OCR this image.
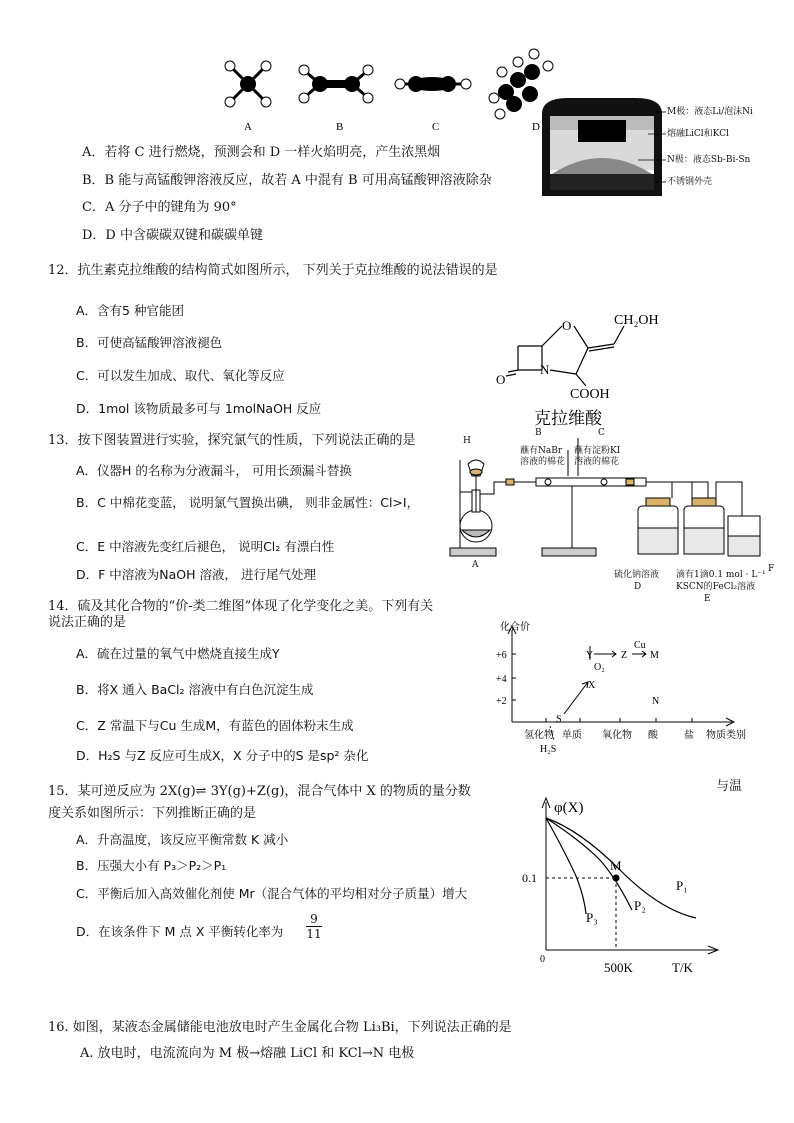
A	B	C	D
M极：液态Li/泡沫Ni
熔融LiCl和KCl
N极：液态Sb-Bi-Sn
不锈钢外壳
A．若将 C 进行燃烧，预测会和 D 一样火焰明亮，产生浓黑烟
B．B 能与高锰酸钾溶液反应，故若 A 中混有 B 可用高锰酸钾溶液除杂
C．A 分子中的键角为 90°
D．D 中含碳碳双键和碳碳单键
12．抗生素克拉维酸的结构简式如图所示， 下列关于克拉维酸的说法错误的是
A．含有5 种官能团
B．可使高锰酸钾溶液褪色
C．可以发生加成、取代、氧化等反应
D．1mol 该物质最多可与 1molNaOH 反应
O
N
O
CH₂OH
COOH
克拉维酸
13．按下图装置进行实验，探究氯气的性质，下列说法正确的是
A．仪器H 的名称为分液漏斗， 可用长颈漏斗替换
B．C 中棉花变蓝， 说明氯气置换出碘， 则非金属性：Cl>I，
C．E 中溶液先变红后褪色， 说明Cl₂ 有漂白性
D．F 中溶液为NaOH 溶液， 进行尾气处理
H
A
B
蘸有NaBr
溶液的棉花
C
蘸有淀粉KI
溶液的棉花
硫化钠溶液
D
滴有1滴0.1 mol · L⁻¹
KSCN的FeCl₂溶液
E
F
14．硫及其化合物的“价-类二维图”体现了化学变化之美。下列有关
说法正确的是
A．硫在过量的氧气中燃烧直接生成Y
B．将X 通入 BaCl₂ 溶液中有白色沉淀生成
C．Z 常温下与Cu 生成M，有蓝色的固体粉末生成
D．H₂S 与Z 反应可生成X，X 分子中的S 是sp² 杂化
化合价
+6
+4
+2
氢化物 单质 氧化物 酸	盐 物质类别
Y	Z M
Cu
O₂
X
S
N
H₂S
15．某可逆反应为 2X(g)⇌ 3Y(g)+Z(g)，混合气体中 X 的物质的量分数	与温
度关系如图所示：下列推断正确的是
A．升高温度，该反应平衡常数 K 减小
B．压强大小有 P₃＞P₂＞P₁
C．平衡后加入高效催化剂使 Mr（混合气体的平均相对分子质量）增大
D．在该条件下 M 点 X 平衡转化率为 $\frac{9}{11}$
φ(X)
0.1
0
500K	T/K
M
P₁
P₂
P₃
16. 如图，某液态金属储能电池放电时产生金属化合物 Li₃Bi，下列说法正确的是
A. 放电时，电流流向为 M 极→熔融 LiCl 和 KCl→N 电极
